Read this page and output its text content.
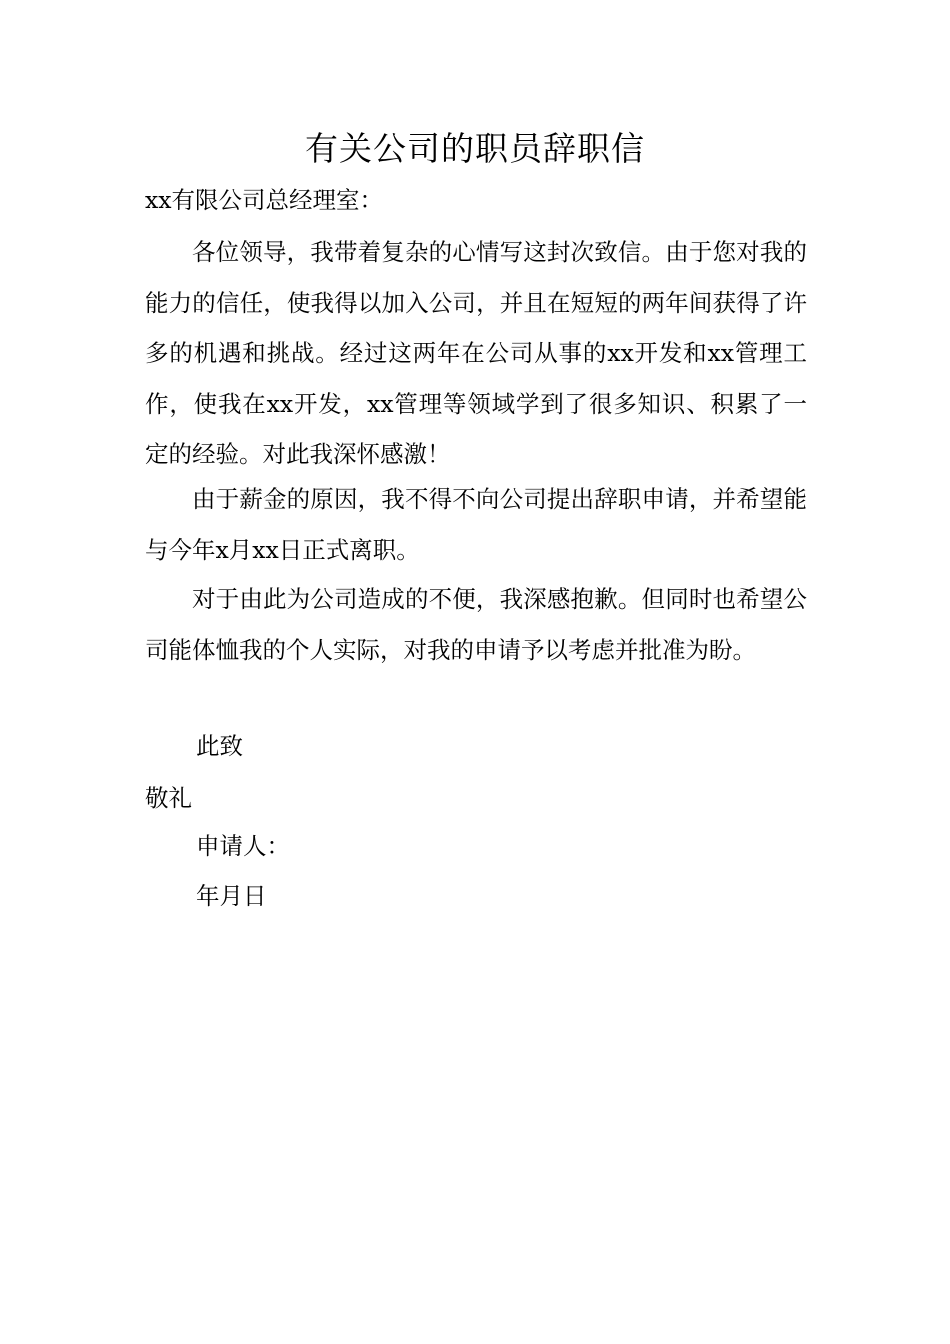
有关公司的职员辞职信
xx有限公司总经理室：

各位领导，我带着复杂的心情写这封次致信。由于您对我的能力的信任，使我得以加入公司，并且在短短的两年间获得了许多的机遇和挑战。经过这两年在公司从事的xx开发和xx管理工作，使我在xx开发，xx管理等领域学到了很多知识、积累了一定的经验。对此我深怀感激！

由于薪金的原因，我不得不向公司提出辞职申请，并希望能与今年x月xx日正式离职。

对于由此为公司造成的不便，我深感抱歉。但同时也希望公司能体恤我的个人实际，对我的申请予以考虑并批准为盼。

此致
敬礼
申请人：
年月日
